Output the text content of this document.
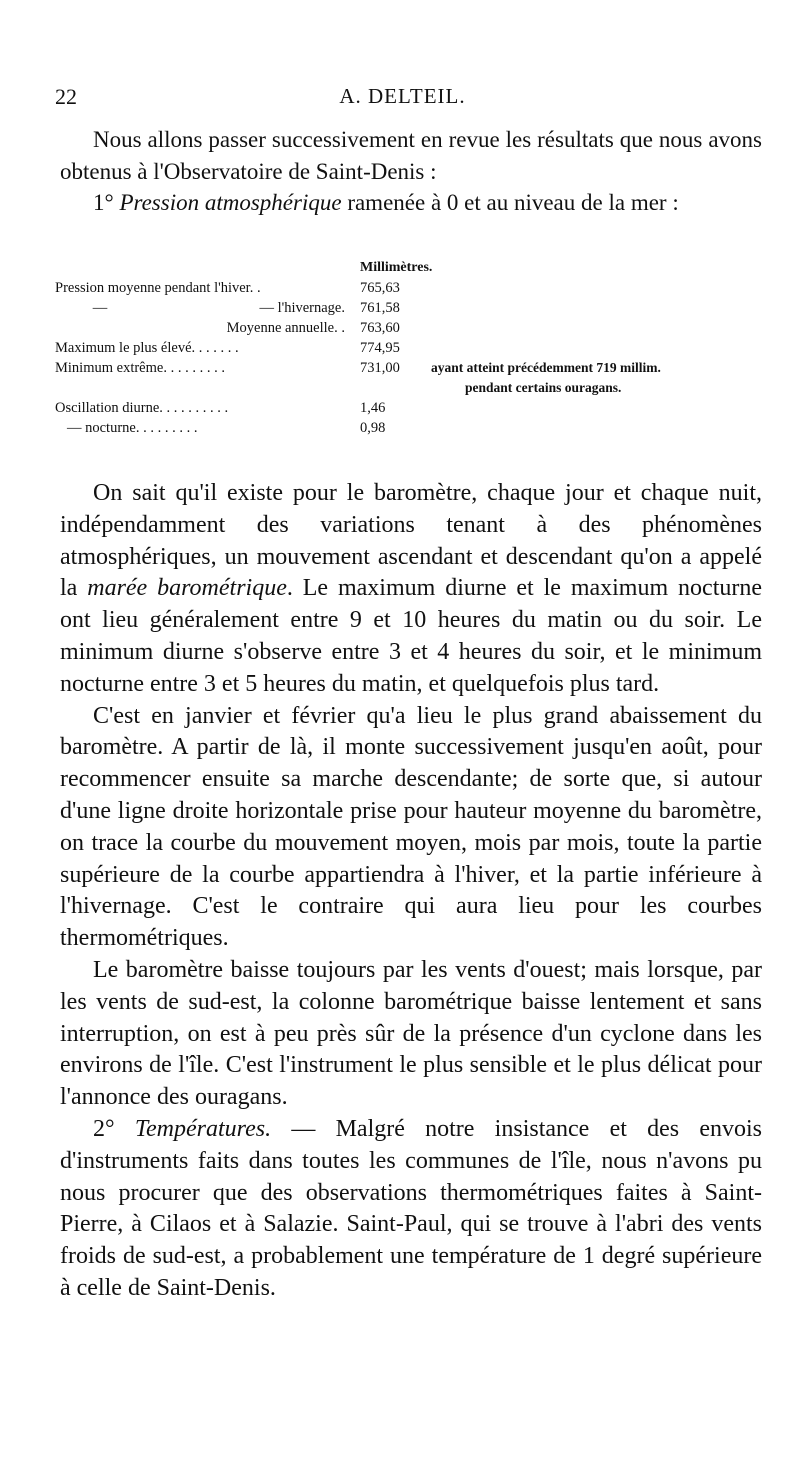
22	A. DELTEIL.

Nous allons passer successivement en revue les résultats que nous avons obtenus à l'Observatoire de Saint-Denis :

1° Pression atmosphérique ramenée à 0 et au niveau de la mer :

Millimètres.
Pression moyenne pendant l'hiver. .	765,63
—	— l'hivernage. 761,58
Moyenne annuelle. . 763,60
Maximum le plus élevé. . . . . . .	774,95
Minimum extrême. . . . . . . . .	731,00	ayant atteint précédemment 719 millim.
pendant certains ouragans.
Oscillation diurne. . . . . . . . . .	1,46
— nocturne. . . . . . . . .	0,98

On sait qu'il existe pour le baromètre, chaque jour et chaque nuit, indépendamment des variations tenant à des phénomènes atmosphériques, un mouvement ascendant et descendant qu'on a appelé la marée barométrique. Le maximum diurne et le maximum nocturne ont lieu généralement entre 9 et 10 heures du matin ou du soir. Le minimum diurne s'observe entre 3 et 4 heures du soir, et le minimum nocturne entre 3 et 5 heures du matin, et quelquefois plus tard.

C'est en janvier et février qu'a lieu le plus grand abaissement du baromètre. A partir de là, il monte successivement jusqu'en août, pour recommencer ensuite sa marche descendante; de sorte que, si autour d'une ligne droite horizontale prise pour hauteur moyenne du baromètre, on trace la courbe du mouvement moyen, mois par mois, toute la partie supérieure de la courbe appartiendra à l'hiver, et la partie inférieure à l'hivernage. C'est le contraire qui aura lieu pour les courbes thermométriques.

Le baromètre baisse toujours par les vents d'ouest; mais lorsque, par les vents de sud-est, la colonne barométrique baisse lentement et sans interruption, on est à peu près sûr de la présence d'un cyclone dans les environs de l'île. C'est l'instrument le plus sensible et le plus délicat pour l'annonce des ouragans.

2° Températures. — Malgré notre insistance et des envois d'instruments faits dans toutes les communes de l'île, nous n'avons pu nous procurer que des observations thermométriques faites à Saint-Pierre, à Cilaos et à Salazie. Saint-Paul, qui se trouve à l'abri des vents froids de sud-est, a probablement une température de 1 degré supérieure à celle de Saint-Denis.
